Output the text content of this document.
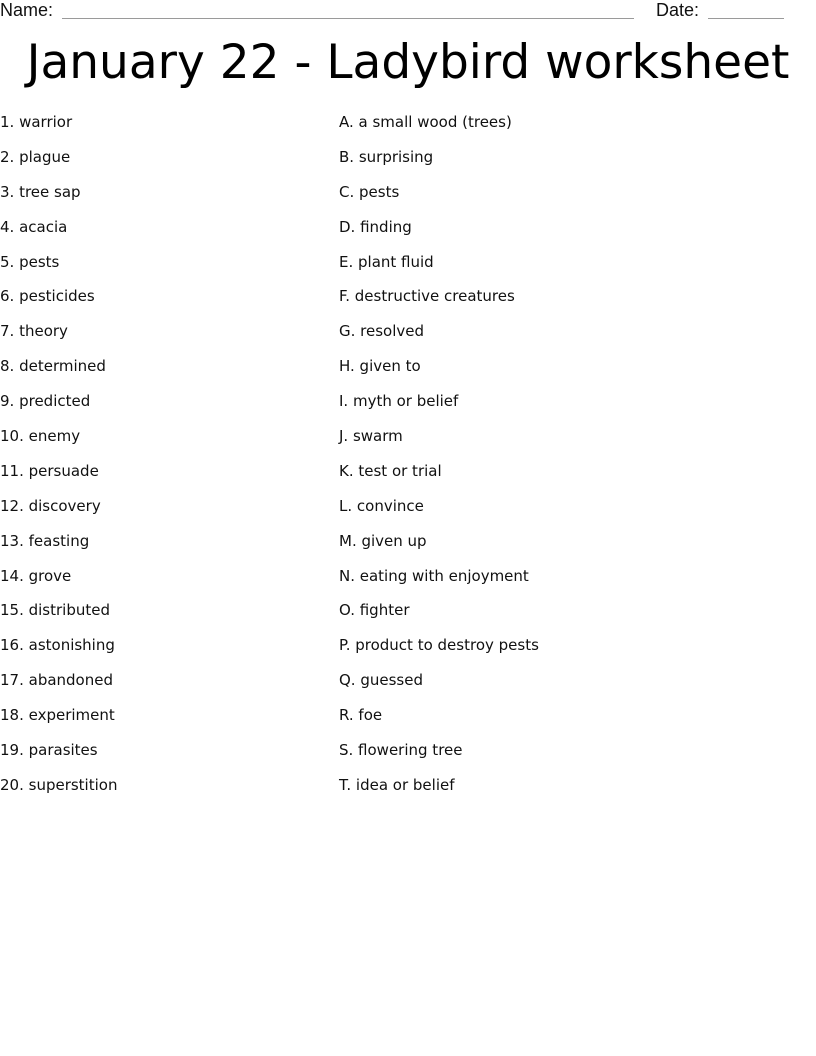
Name:	Date:
January 22 - Ladybird worksheet
1. warrior
2. plague
3. tree sap
4. acacia
5. pests
6. pesticides
7. theory
8. determined
9. predicted
10. enemy
11. persuade
12. discovery
13. feasting
14. grove
15. distributed
16. astonishing
17. abandoned
18. experiment
19. parasites
20. superstition
A. a small wood (trees)
B. surprising
C. pests
D. finding
E. plant fluid
F. destructive creatures
G. resolved
H. given to
I. myth or belief
J. swarm
K. test or trial
L. convince
M. given up
N. eating with enjoyment
O. fighter
P. product to destroy pests
Q. guessed
R. foe
S. flowering tree
T. idea or belief
